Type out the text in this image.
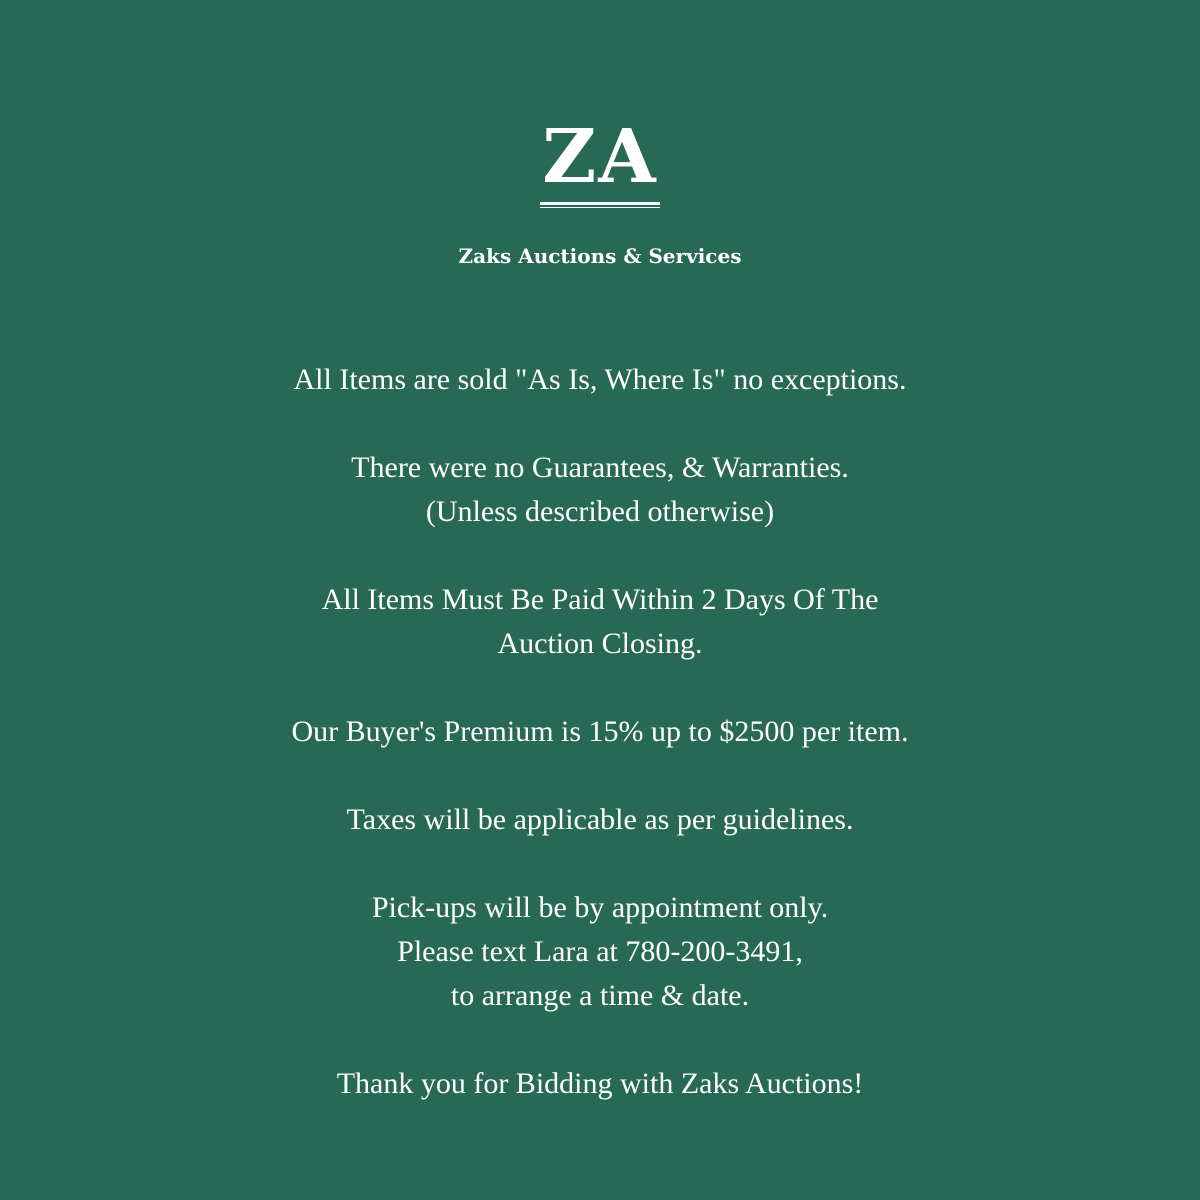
ZA
Zaks Auctions & Services

All Items are sold "As Is, Where Is" no exceptions.

There were no Guarantees, & Warranties.
(Unless described otherwise)

All Items Must Be Paid Within 2 Days Of The
Auction Closing.

Our Buyer's Premium is 15% up to $2500 per item.

Taxes will be applicable as per guidelines.

Pick-ups will be by appointment only.
Please text Lara at 780-200-3491,
to arrange a time & date.

Thank you for Bidding with Zaks Auctions!
